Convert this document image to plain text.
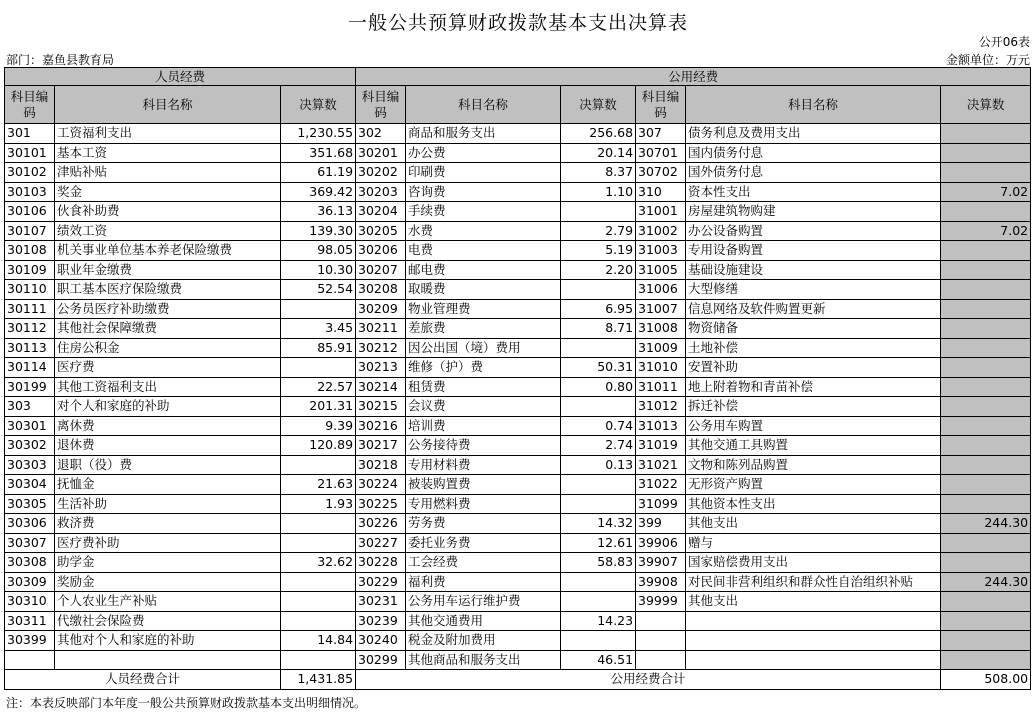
一般公共预算财政拨款基本支出决算表
公开06表
部门：嘉鱼县教育局	金额单位：万元
人员经费			公用经费					
科目编码	科目名称	决算数	科目编码	科目名称	决算数	科目编码	科目名称	决算数
301	工资福利支出	1,230.55	302	商品和服务支出	256.68	307	债务利息及费用支出	
30101	基本工资	351.68	30201	办公费	20.14	30701	国内债务付息	
30102	津贴补贴	61.19	30202	印刷费	8.37	30702	国外债务付息	
30103	奖金	369.42	30203	咨询费	1.10	310	资本性支出	7.02
30106	伙食补助费	36.13	30204	手续费		31001	房屋建筑物购建	
30107	绩效工资	139.30	30205	水费	2.79	31002	办公设备购置	7.02
30108	机关事业单位基本养老保险缴费	98.05	30206	电费	5.19	31003	专用设备购置	
30109	职业年金缴费	10.30	30207	邮电费	2.20	31005	基础设施建设	
30110	职工基本医疗保险缴费	52.54	30208	取暖费		31006	大型修缮	
30111	公务员医疗补助缴费		30209	物业管理费	6.95	31007	信息网络及软件购置更新	
30112	其他社会保障缴费	3.45	30211	差旅费	8.71	31008	物资储备	
30113	住房公积金	85.91	30212	因公出国（境）费用		31009	土地补偿	
30114	医疗费		30213	维修（护）费	50.31	31010	安置补助	
30199	其他工资福利支出	22.57	30214	租赁费	0.80	31011	地上附着物和青苗补偿	
303	对个人和家庭的补助	201.31	30215	会议费		31012	拆迁补偿	
30301	离休费	9.39	30216	培训费	0.74	31013	公务用车购置	
30302	退休费	120.89	30217	公务接待费	2.74	31019	其他交通工具购置	
30303	退职（役）费		30218	专用材料费	0.13	31021	文物和陈列品购置	
30304	抚恤金	21.63	30224	被装购置费		31022	无形资产购置	
30305	生活补助	1.93	30225	专用燃料费		31099	其他资本性支出	
30306	救济费		30226	劳务费	14.32	399	其他支出	244.30
30307	医疗费补助		30227	委托业务费	12.61	39906	赠与	
30308	助学金	32.62	30228	工会经费	58.83	39907	国家赔偿费用支出	
30309	奖励金		30229	福利费		39908	对民间非营利组织和群众性自治组织补贴	244.30
30310	个人农业生产补贴		30231	公务用车运行维护费		39999	其他支出	
30311	代缴社会保险费		30239	其他交通费用	14.23			
30399	其他对个人和家庭的补助	14.84	30240	税金及附加费用				
			30299	其他商品和服务支出	46.51			
人员经费合计		1,431.85	公用经费合计					508.00
注：本表反映部门本年度一般公共预算财政拨款基本支出明细情况。
